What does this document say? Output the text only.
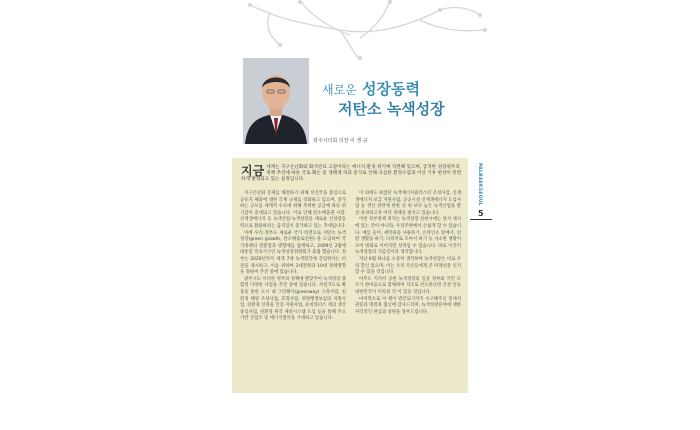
새로운 성장동력
저탄소 녹색성장
광주시의회 의장 이 생 규
지금 세계는 지구온난화와 화석연료 고갈이라는 에너지·환경 위기에 직면해 있으며, 급격한 성장위주의 정책 추진에 따른 국토 훼손 및 생태계 파괴 증가로 인해 극심한 환경오염과 이상 기후 현상이 빈번하게 발생되고 있는 실정입니다.

지구온난화 문제를 해결하기 위해 선진국을 중심으로 공유지 체출에 대한 국제 규제를 강화하고 있으며, 증가하는 규모를 세계적 수요에 위해 무취한 공급에 따른 위기감이 증대되고 있습니다. 이로 인해 탄소배출권 시장, 신재생에너지 등 녹색산업·녹색성장을 새로운 신성장동력으로 활용하려는 움직임이 증가하고 있는 추세입니다.

이에 우리 정부도 새로운 국가 비전으로 저탄소 녹색성장(green growth, 탄소배출로인한) 을 도입하여 국가정책의 전환점과 방향제를 탑재하고, 2009년 2월에 대통령 직속기구인 녹색성장위원회가 출범 했습니다. 정부는 2020년까지 세계 7대 녹색강국에 진입한다는 비전을 제시하고, 이를 위하여 3대전략과 10대 정책방향을 정하여 추진 중에 있습니다.

광주시도 이러한 정부의 정책에 발맞추어 녹색성장 종합적 다양한 사업을 추진 중에 있습니다. 자전거도로 확충을 통한 도시 내 그린웨이(greenway) 구축사업, 친환경 해양 조성사업, 효형사업, 위원행정보임의 지원사업, 친환경 신축을 인증 지원사업, 유비쿼터스 계의 생산 중심사업, 친환경 원격 제설시스템 도입 등을 통해 주요기반 산업조 및 에너지절약을 기대하고 있습니다.

이 외에도 최첨단 녹색에너지클러스터 조성사업, 신재생에너지 보급 지원사업, 공공시설 신재생에너지 도입사업 등 생산 관련에 관한 신 위 보다 높은 녹색산업을 발굴·육성하고자 여러 정책을 펼치고 있습니다.

이번 정부정책 취지는 녹색성장 실현시에는 앞서 제시에 있는 것이 아니라, 우리주변에서 손쉽게 할 수 있습니다. 예를 들어, 세탁용품 사용하기, 온라인쇼 앞에서, 친환 생활을 하기, 다리미로 모아서 하기 등 사소한 생활이 모여 변화로 이어지면 성적임 수 있습니다. 바로 이것이 녹색성장의 지름길이라 생각합니다.

지난 6월 하나를 소중히 생각하여 녹색성장은 비로 우리 할인 있으며, 이는 우리 자손들에게 큰 미래선물 인지 할 수 있을 것입니다.

아무도 지켜서 공한 녹색성장의 길을 정부와 국민 모두가 한마음으로 함께하며 지조로 선도한다면 산천 일등 대한민국이 이룩될 것 이 있을 것입니다.

마지막으로 이 책이 발간되기까지 수고해주신 전세서관분과 명절과 협산에 감사드리며, 녹색성장분야에 대한 자각적인 관심과 성원을 당부드립니다.

PALBAEKSEOUL
5
